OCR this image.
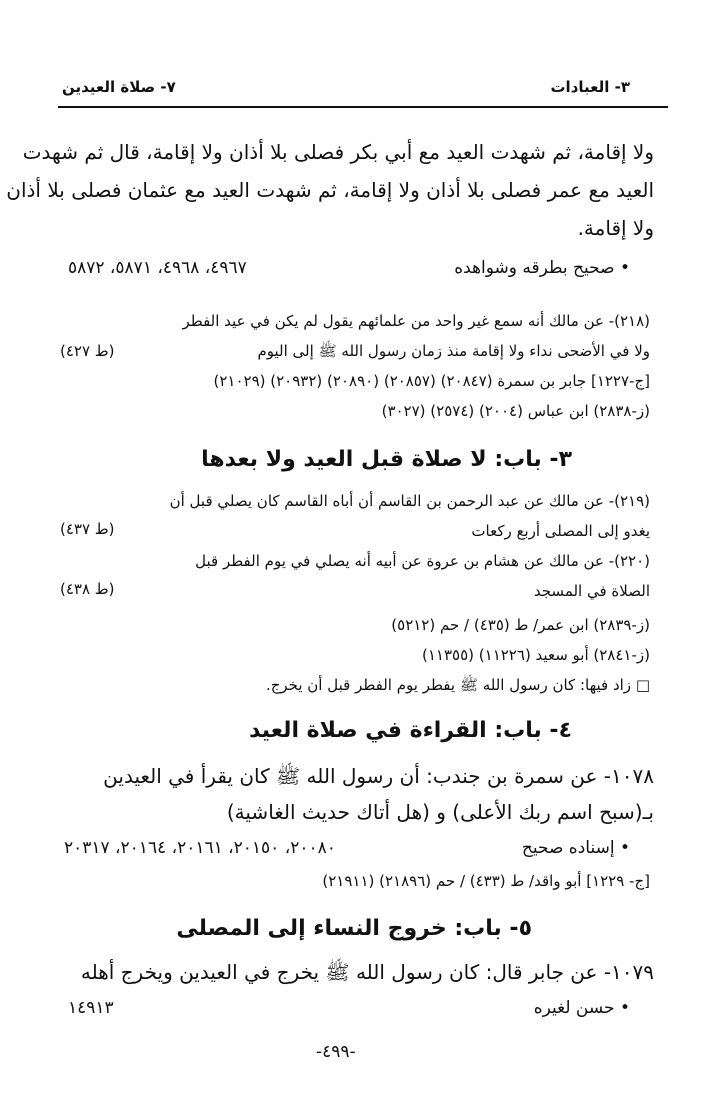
٣- العبادات
٧- صلاة العيدين
ولا إقامة، ثم شهدت العيد مع أبي بكر فصلى بلا أذان ولا إقامة، قال ثم شهدت
العيد مع عمر فصلى بلا أذان ولا إقامة، ثم شهدت العيد مع عثمان فصلى بلا أذان
ولا إقامة.
• صحيح بطرقه وشواهده
٤٩٦٧، ٤٩٦٨، ٥٨٧١، ٥٨٧٢
(٢١٨)- عن مالك أنه سمع غير واحد من علمائهم يقول لم يكن في عيد الفطر
ولا في الأضحى نداء ولا إقامة منذ زمان رسول الله ﷺ إلى اليوم
(ط ٤٢٧)
[ج-١٢٢٧] جابر بن سمرة (٢٠٨٤٧) (٢٠٨٥٧) (٢٠٨٩٠) (٢٠٩٣٢) (٢١٠٢٩)
(ز-٢٨٣٨) ابن عباس (٢٠٠٤) (٢٥٧٤) (٣٠٢٧)
٣- باب: لا صلاة قبل العيد ولا بعدها
(٢١٩)- عن مالك عن عبد الرحمن بن القاسم أن أباه القاسم كان يصلي قبل أن
يغدو إلى المصلى أربع ركعات
(ط ٤٣٧)
(٢٢٠)- عن مالك عن هشام بن عروة عن أبيه أنه يصلي في يوم الفطر قبل
الصلاة في المسجد
(ط ٤٣٨)
(ز-٢٨٣٩) ابن عمر/ ط (٤٣٥) / حم (٥٢١٢)
(ز-٢٨٤١) أبو سعيد (١١٢٢٦) (١١٣٥٥)
□ زاد فيها: كان رسول الله ﷺ يفطر يوم الفطر قبل أن يخرج.
٤- باب: القراءة في صلاة العيد
١٠٧٨- عن سمرة بن جندب: أن رسول الله ﷺ كان يقرأ في العيدين
بـ(سبح اسم ربك الأعلى) و (هل أتاك حديث الغاشية)
• إسناده صحيح
٢٠٠٨٠، ٢٠١٥٠، ٢٠١٦١، ٢٠١٦٤، ٢٠٣١٧
[ج- ١٢٢٩] أبو واقد/ ط (٤٣٣) / حم (٢١٨٩٦) (٢١٩١١)
٥- باب: خروج النساء إلى المصلى
١٠٧٩- عن جابر قال: كان رسول الله ﷺ يخرج في العيدين ويخرج أهله
• حسن لغيره
١٤٩١٣
-٤٩٩-
